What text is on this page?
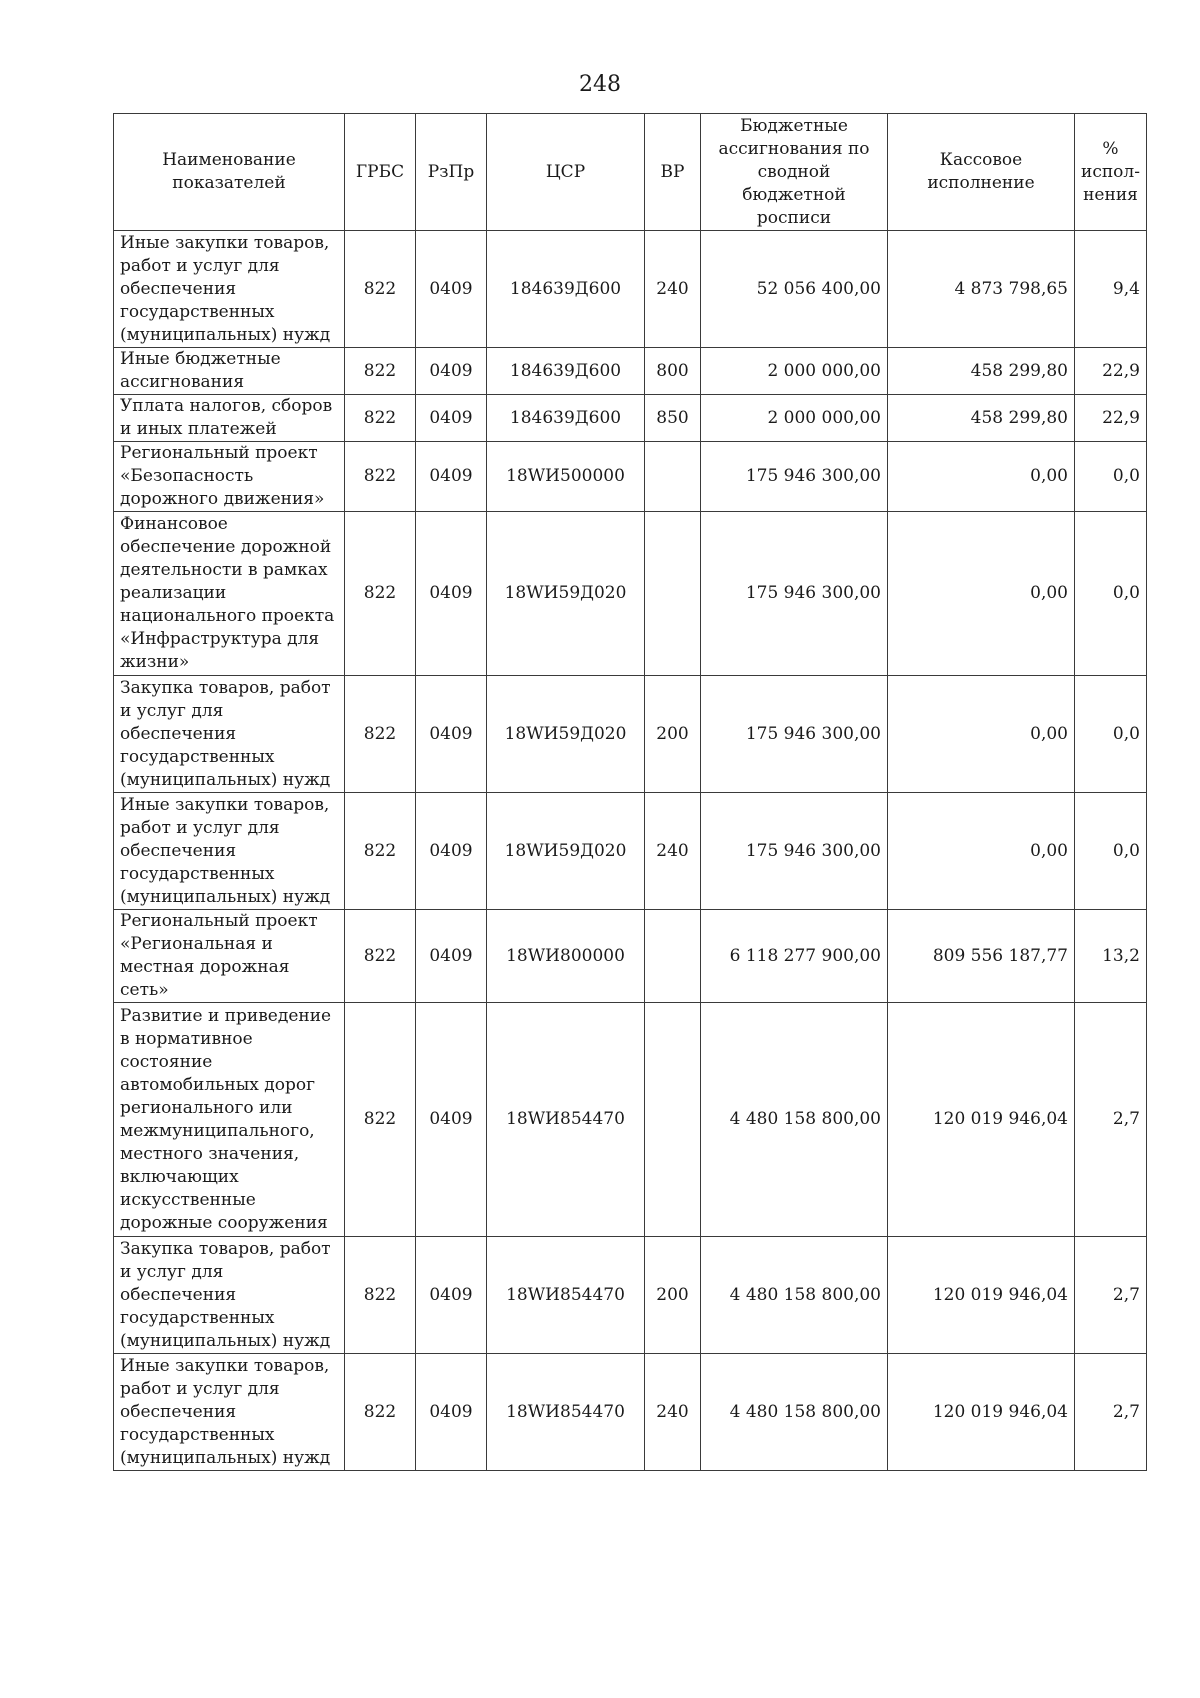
248
Наименование показателей	ГРБС	РзПр	ЦСР	ВР	Бюджетные ассигнования по сводной бюджетной росписи	Кассовое исполнение	% испол-нения
Иные закупки товаров, работ и услуг для обеспечения государственных (муниципальных) нужд	822	0409	184639Д600	240	52 056 400,00	4 873 798,65	9,4
Иные бюджетные ассигнования	822	0409	184639Д600	800	2 000 000,00	458 299,80	22,9
Уплата налогов, сборов и иных платежей	822	0409	184639Д600	850	2 000 000,00	458 299,80	22,9
Региональный проект «Безопасность дорожного движения»	822	0409	18WИ500000		175 946 300,00	0,00	0,0
Финансовое обеспечение дорожной деятельности в рамках реализации национального проекта «Инфраструктура для жизни»	822	0409	18WИ59Д020		175 946 300,00	0,00	0,0
Закупка товаров, работ и услуг для обеспечения государственных (муниципальных) нужд	822	0409	18WИ59Д020	200	175 946 300,00	0,00	0,0
Иные закупки товаров, работ и услуг для обеспечения государственных (муниципальных) нужд	822	0409	18WИ59Д020	240	175 946 300,00	0,00	0,0
Региональный проект «Региональная и местная дорожная сеть»	822	0409	18WИ800000		6 118 277 900,00	809 556 187,77	13,2
Развитие и приведение в нормативное состояние автомобильных дорог регионального или межмуниципального, местного значения, включающих искусственные дорожные сооружения	822	0409	18WИ854470		4 480 158 800,00	120 019 946,04	2,7
Закупка товаров, работ и услуг для обеспечения государственных (муниципальных) нужд	822	0409	18WИ854470	200	4 480 158 800,00	120 019 946,04	2,7
Иные закупки товаров, работ и услуг для обеспечения государственных (муниципальных) нужд	822	0409	18WИ854470	240	4 480 158 800,00	120 019 946,04	2,7
